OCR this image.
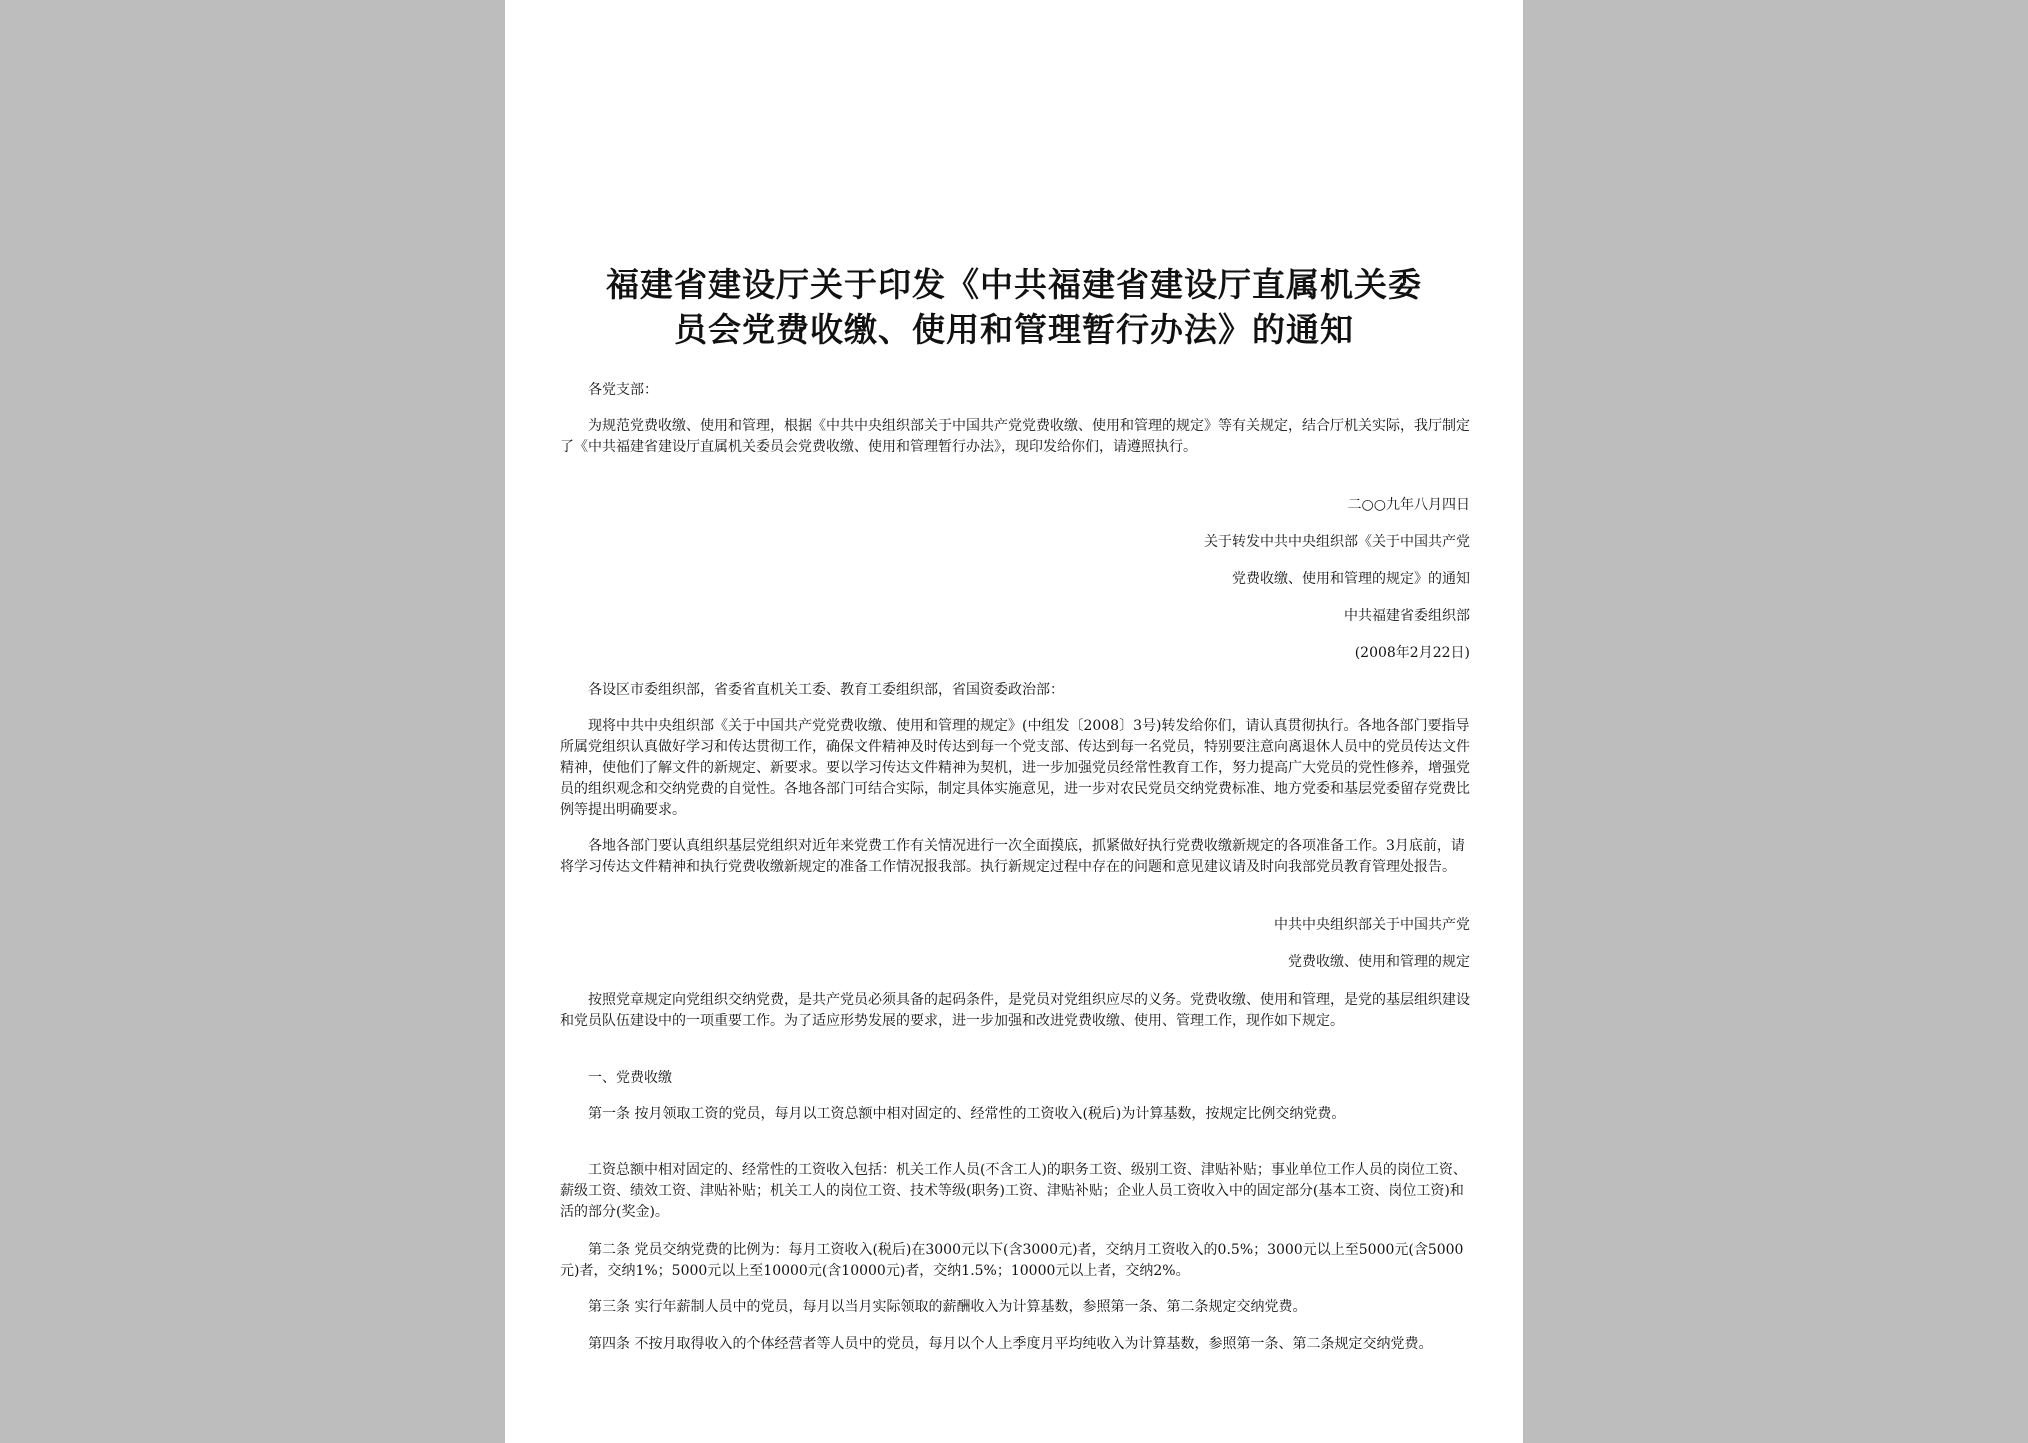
福建省建设厅关于印发《中共福建省建设厅直属机关委
员会党费收缴、使用和管理暂行办法》的通知

各党支部：

为规范党费收缴、使用和管理，根据《中共中央组织部关于中国共产党党费收缴、使用和管理的规定》等有关规定，结合厅机关实际，我厅制定了《中共福建省建设厅直属机关委员会党费收缴、使用和管理暂行办法》，现印发给你们，请遵照执行。

二○○九年八月四日

关于转发中共中央组织部《关于中国共产党

党费收缴、使用和管理的规定》的通知

中共福建省委组织部

(2008年2月22日)

各设区市委组织部，省委省直机关工委、教育工委组织部，省国资委政治部：

现将中共中央组织部《关于中国共产党党费收缴、使用和管理的规定》(中组发〔2008〕3号)转发给你们，请认真贯彻执行。各地各部门要指导所属党组织认真做好学习和传达贯彻工作，确保文件精神及时传达到每一个党支部、传达到每一名党员，特别要注意向离退休人员中的党员传达文件精神，使他们了解文件的新规定、新要求。要以学习传达文件精神为契机，进一步加强党员经常性教育工作，努力提高广大党员的党性修养，增强党员的组织观念和交纳党费的自觉性。各地各部门可结合实际，制定具体实施意见，进一步对农民党员交纳党费标准、地方党委和基层党委留存党费比例等提出明确要求。

各地各部门要认真组织基层党组织对近年来党费工作有关情况进行一次全面摸底，抓紧做好执行党费收缴新规定的各项准备工作。3月底前，请将学习传达文件精神和执行党费收缴新规定的准备工作情况报我部。执行新规定过程中存在的问题和意见建议请及时向我部党员教育管理处报告。

中共中央组织部关于中国共产党

党费收缴、使用和管理的规定

按照党章规定向党组织交纳党费，是共产党员必须具备的起码条件，是党员对党组织应尽的义务。党费收缴、使用和管理，是党的基层组织建设和党员队伍建设中的一项重要工作。为了适应形势发展的要求，进一步加强和改进党费收缴、使用、管理工作，现作如下规定。

一、党费收缴

第一条 按月领取工资的党员，每月以工资总额中相对固定的、经常性的工资收入(税后)为计算基数，按规定比例交纳党费。

工资总额中相对固定的、经常性的工资收入包括：机关工作人员(不含工人)的职务工资、级别工资、津贴补贴；事业单位工作人员的岗位工资、薪级工资、绩效工资、津贴补贴；机关工人的岗位工资、技术等级(职务)工资、津贴补贴；企业人员工资收入中的固定部分(基本工资、岗位工资)和活的部分(奖金)。

第二条 党员交纳党费的比例为：每月工资收入(税后)在3000元以下(含3000元)者，交纳月工资收入的0.5%；3000元以上至5000元(含5000元)者，交纳1%；5000元以上至10000元(含10000元)者，交纳1.5%；10000元以上者，交纳2%。

第三条 实行年薪制人员中的党员，每月以当月实际领取的薪酬收入为计算基数，参照第一条、第二条规定交纳党费。

第四条 不按月取得收入的个体经营者等人员中的党员，每月以个人上季度月平均纯收入为计算基数，参照第一条、第二条规定交纳党费。
